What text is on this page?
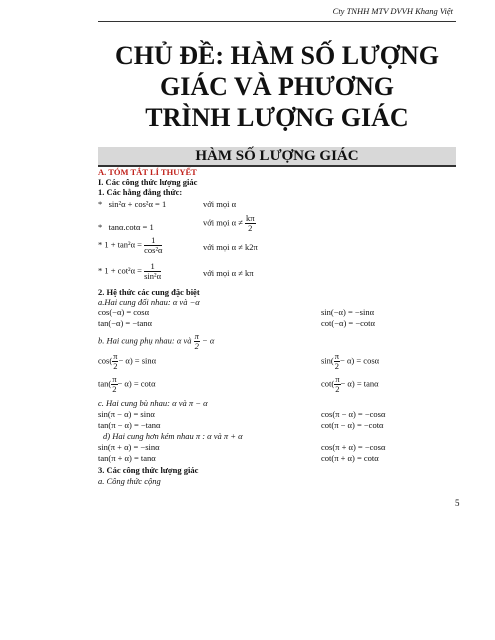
Cty TNHH MTV DVVH Khang Việt
CHỦ ĐỀ: HÀM SỐ LƯỢNG
GIÁC VÀ PHƯƠNG
TRÌNH LƯỢNG GIÁC
HÀM SỐ LƯỢNG GIÁC
A. TÓM TẮT LÍ THUYẾT
I. Các công thức lượng giác
1. Các hằng đẳng thức:
* sin²α + cos²α = 1	với mọi α
* tanα.cotα = 1	với mọi $\alpha \ne \frac{k\pi}{2}$
* $1 + \tan^2\alpha = \frac{1}{\text{cos²α}}$	với mọi α ≠ k2π
* $1 + \cot^2\alpha = \frac{1}{\text{sin²α}}$	với mọi α ≠ kπ
2. Hệ thức các cung đặc biệt
a.Hai cung đối nhau: α và −α
cos(−α) = cosα	sin(−α) = −sinα
tan(−α) = −tanα	cot(−α) = −cotα
b. Hai cung phụ nhau: α và $\frac{\pi}{2} - \alpha$
$\cos( \frac{\pi}{2} - \alpha) = \sin\alpha$	$\sin( \frac{\pi}{2} - \alpha) = \cos\alpha$
$\tan( \frac{\pi}{2} - \alpha) = \cot\alpha$	$\cot( \frac{\pi}{2} - \alpha) = \tan\alpha$
c. Hai cung bù nhau: α và π − α
sin(π − α) = sinα	cos(π − α) = −cosα
tan(π − α) = −tanα	cot(π − α) = −cotα
d) Hai cung hơn kém nhau π : α và π + α
sin(π + α) = −sinα	cos(π + α) = −cosα
tan(π + α) = tanα	cot(π + α) = cotα
3. Các công thức lượng giác
a. Công thức cộng
5
